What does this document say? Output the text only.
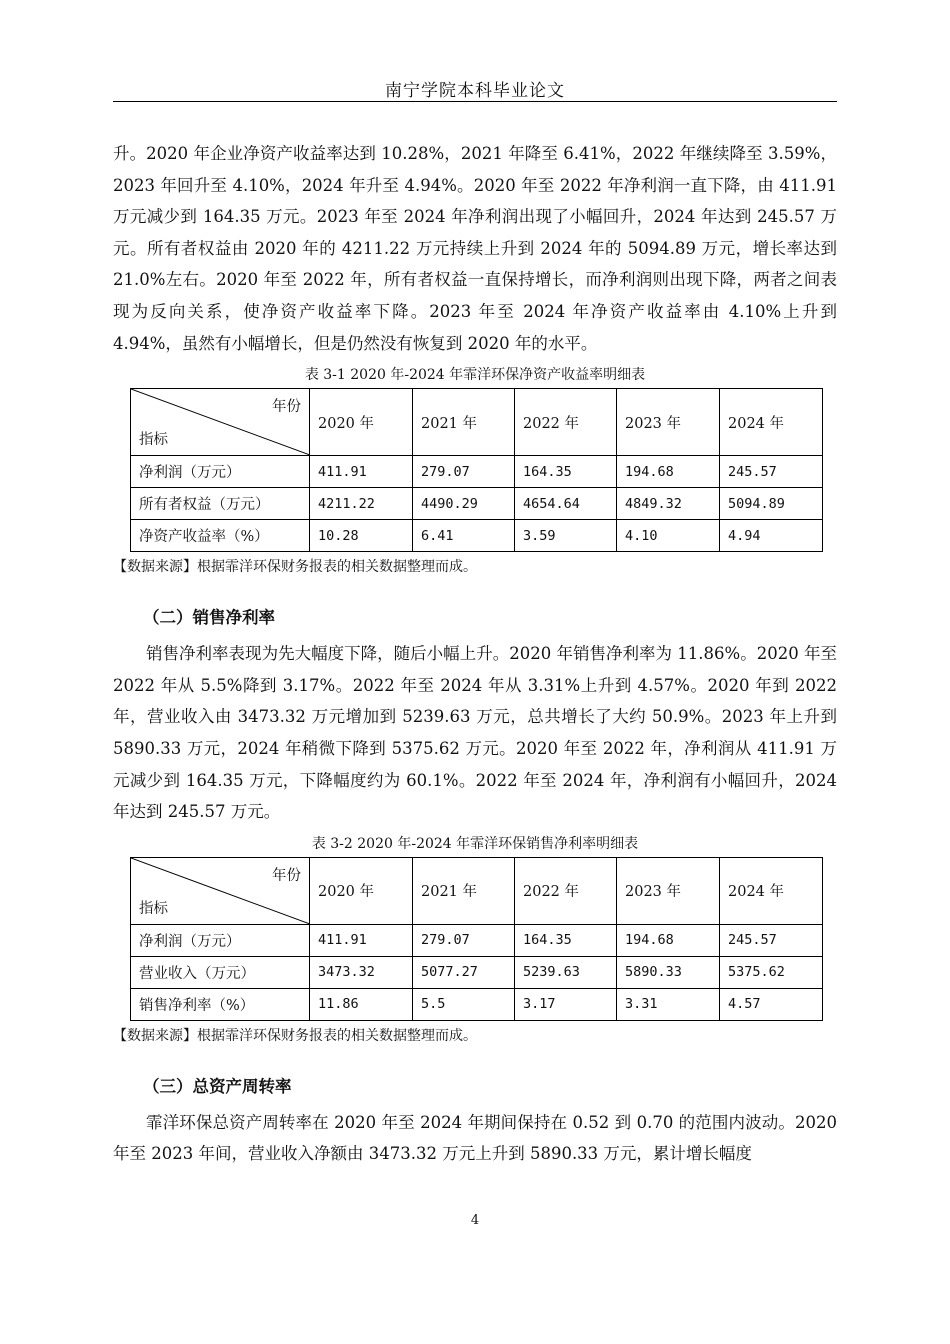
南宁学院本科毕业论文

升。2020 年企业净资产收益率达到 10.28%，2021 年降至 6.41%，2022 年继续降至 3.59%，2023 年回升至 4.10%，2024 年升至 4.94%。2020 年至 2022 年净利润一直下降，由 411.91 万元减少到 164.35 万元。2023 年至 2024 年净利润出现了小幅回升，2024 年达到 245.57 万元。所有者权益由 2020 年的 4211.22 万元持续上升到 2024 年的 5094.89 万元，增长率达到 21.0%左右。2020 年至 2022 年，所有者权益一直保持增长，而净利润则出现下降，两者之间表现为反向关系，使净资产收益率下降。2023 年至 2024 年净资产收益率由 4.10%上升到 4.94%，虽然有小幅增长，但是仍然没有恢复到 2020 年的水平。

表 3-1 2020 年-2024 年霏洋环保净资产收益率明细表
年份
指标	2020 年	2021 年	2022 年	2023 年	2024 年
净利润（万元）	411.91	279.07	164.35	194.68	245.57
所有者权益（万元）	4211.22	4490.29	4654.64	4849.32	5094.89
净资产收益率（%）	10.28	6.41	3.59	4.10	4.94
【数据来源】根据霏洋环保财务报表的相关数据整理而成。
（二）销售净利率

销售净利率表现为先大幅度下降，随后小幅上升。2020 年销售净利率为 11.86%。2020 年至 2022 年从 5.5%降到 3.17%。2022 年至 2024 年从 3.31%上升到 4.57%。2020 年到 2022 年，营业收入由 3473.32 万元增加到 5239.63 万元，总共增长了大约 50.9%。2023 年上升到 5890.33 万元，2024 年稍微下降到 5375.62 万元。2020 年至 2022 年，净利润从 411.91 万元减少到 164.35 万元，下降幅度约为 60.1%。2022 年至 2024 年，净利润有小幅回升，2024 年达到 245.57 万元。

表 3-2 2020 年-2024 年霏洋环保销售净利率明细表
年份
指标	2020 年	2021 年	2022 年	2023 年	2024 年
净利润（万元）	411.91	279.07	164.35	194.68	245.57
营业收入（万元）	3473.32	5077.27	5239.63	5890.33	5375.62
销售净利率（%）	11.86	5.5	3.17	3.31	4.57
【数据来源】根据霏洋环保财务报表的相关数据整理而成。
（三）总资产周转率

霏洋环保总资产周转率在 2020 年至 2024 年期间保持在 0.52 到 0.70 的范围内波动。2020 年至 2023 年间，营业收入净额由 3473.32 万元上升到 5890.33 万元，累计增长幅度

4
